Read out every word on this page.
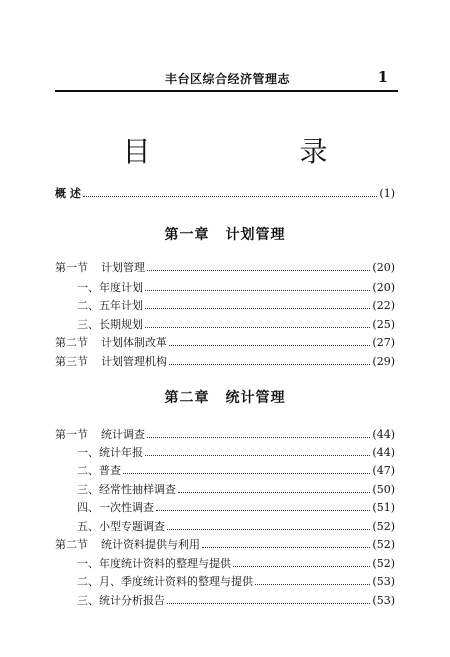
丰台区综合经济管理志	1
目 录
概 述	(1)
第一章 计划管理
第一节	计划管理	(20)
一、年度计划	(20)
二、五年计划	(22)
三、长期规划	(25)
第二节	计划体制改革	(27)
第三节	计划管理机构	(29)
第二章 统计管理
第一节	统计调查	(44)
一、统计年报	(44)
二、普查	(47)
三、经常性抽样调查	(50)
四、一次性调查	(51)
五、小型专题调查	(52)
第二节	统计资料提供与利用	(52)
一、年度统计资料的整理与提供	(52)
二、月、季度统计资料的整理与提供	(53)
三、统计分析报告	(53)
